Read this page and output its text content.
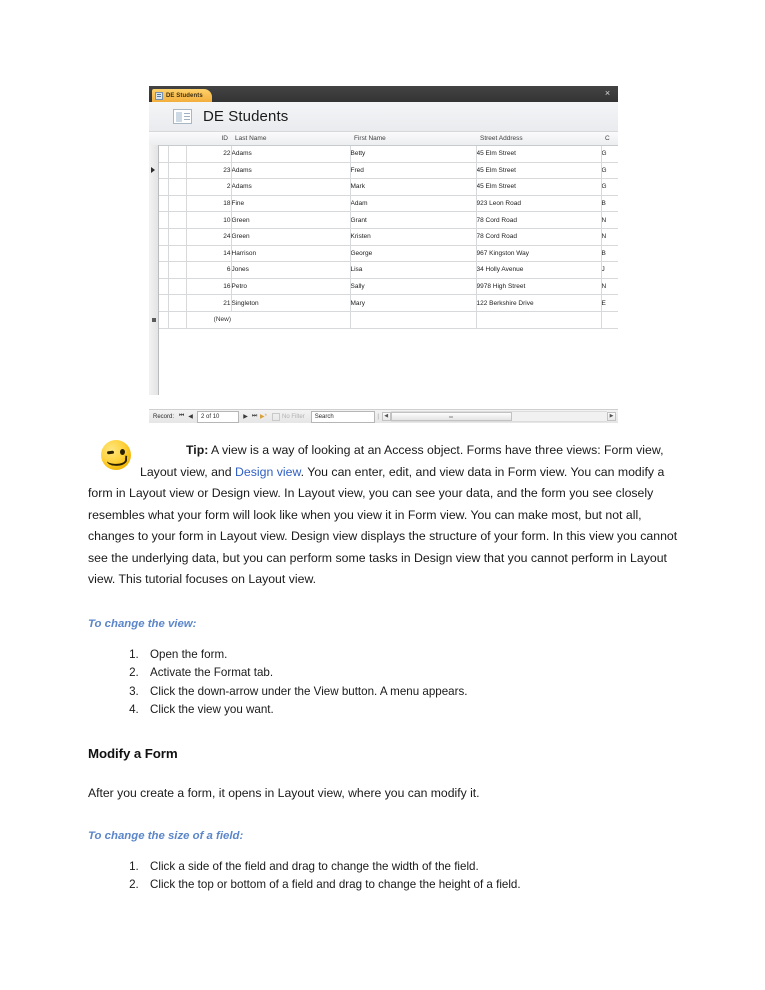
DE Students	×
DE Students
			ID	Last Name	First Name	Street Address	C
			22	Adams	Betty	45 Elm Street	G

			23	Adams	Fred	45 Elm Street	G
			2	Adams	Mark	45 Elm Street	G
			18	Fine	Adam	923 Leon Road	B
			10	Green	Grant	78 Cord Road	N
			24	Green	Kristen	78 Cord Road	N
			14	Harrison	George	967 Kingston Way	B
			6	Jones	Lisa	34 Holly Avenue	J
			16	Petro	Sally	9978 High Street	N
			21	Singleton	Mary	122 Berkshire Drive	E

			(New)				
Record: ⏮ ◀	2 of 10	▶ ⏭ ▶*	No Filter	Search	|	◀	▶
Tip: A view is a way of looking at an Access object. Forms have three views: Form view, Layout view, and Design view. You can enter, edit, and view data in Form view. You can modify a form in Layout view or Design view. In Layout view, you can see your data, and the form you see closely resembles what your form will look like when you view it in Form view. You can make most, but not all, changes to your form in Layout view. Design view displays the structure of your form. In this view you cannot see the underlying data, but you can perform some tasks in Design view that you cannot perform in Layout view. This tutorial focuses on Layout view.
To change the view:
1. Open the form.
2. Activate the Format tab.
3. Click the down-arrow under the View button. A menu appears.
4. Click the view you want.
Modify a Form

After you create a form, it opens in Layout view, where you can modify it.

To change the size of a field:
1. Click a side of the field and drag to change the width of the field.
2. Click the top or bottom of a field and drag to change the height of a field.
